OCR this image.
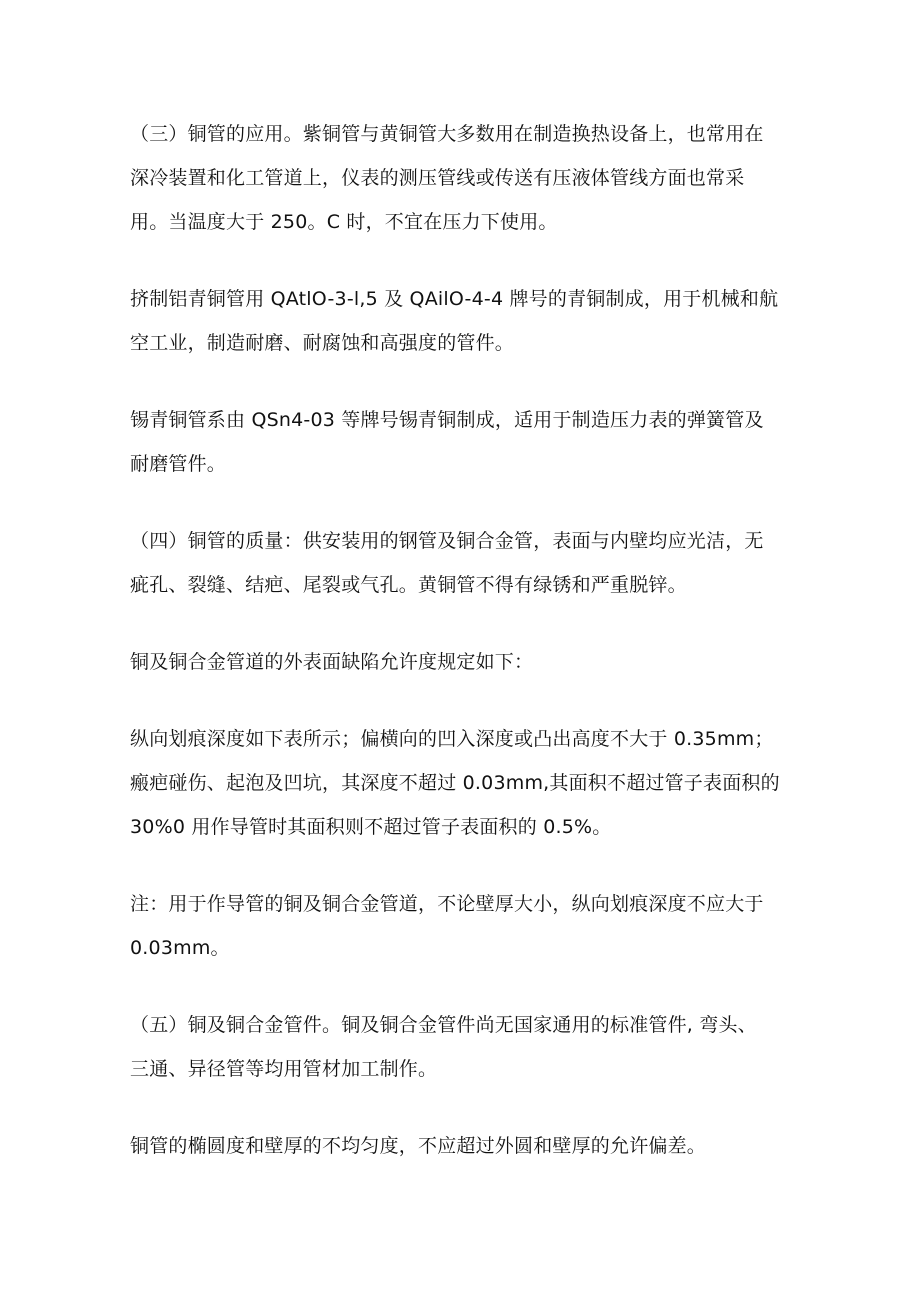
（三）铜管的应用。紫铜管与黄铜管大多数用在制造换热设备上，也常用在
深冷装置和化工管道上，仪表的测压管线或传送有压液体管线方面也常采
用。当温度大于 250。C 时，不宜在压力下使用。

挤制铝青铜管用 QAtlO-3-l,5 及 QAilO-4-4 牌号的青铜制成，用于机械和航
空工业，制造耐磨、耐腐蚀和高强度的管件。

锡青铜管系由 QSn4-03 等牌号锡青铜制成，适用于制造压力表的弹簧管及
耐磨管件。

（四）铜管的质量：供安装用的钢管及铜合金管，表面与内壁均应光洁，无
疵孔、裂缝、结疤、尾裂或气孔。黄铜管不得有绿锈和严重脱锌。

铜及铜合金管道的外表面缺陷允许度规定如下：

纵向划痕深度如下表所示；偏横向的凹入深度或凸出高度不大于 0.35mm；
瘢疤碰伤、起泡及凹坑，其深度不超过 0.03mm,其面积不超过管子表面积的
30%0 用作导管时其面积则不超过管子表面积的 0.5%。

注：用于作导管的铜及铜合金管道，不论壁厚大小，纵向划痕深度不应大于
0.03mm。

（五）铜及铜合金管件。铜及铜合金管件尚无国家通用的标准管件, 弯头、
三通、异径管等均用管材加工制作。

铜管的椭圆度和壁厚的不均匀度，不应超过外圆和壁厚的允许偏差。
